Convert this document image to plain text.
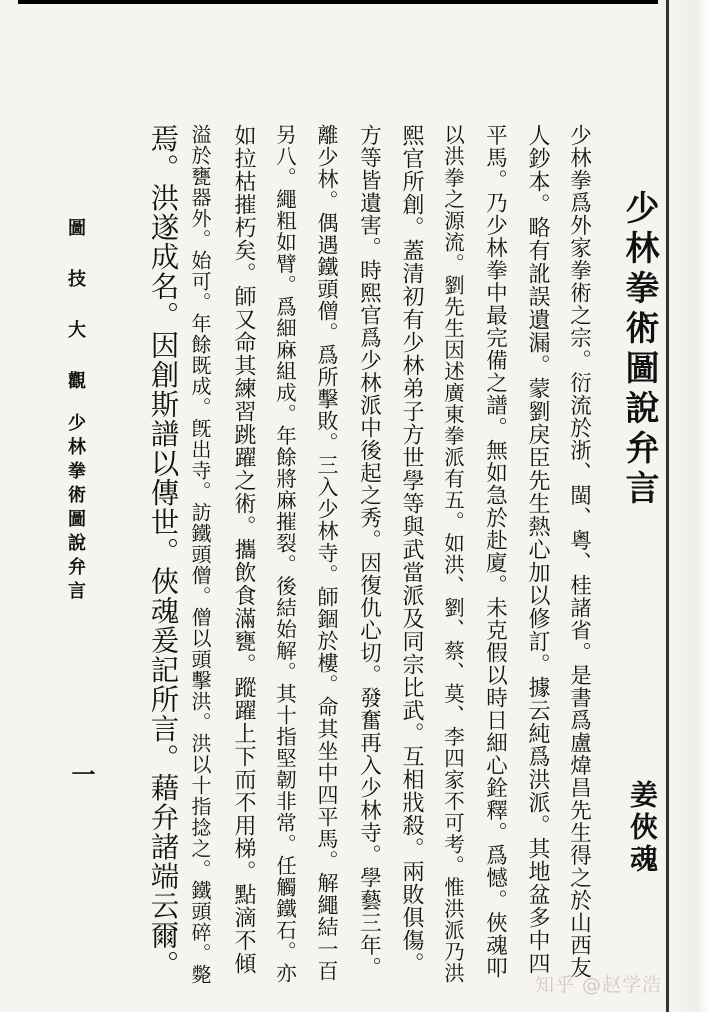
少林拳術圖說弁言
姜俠魂
少林拳爲外家拳術之宗。衍流於浙、閩、粵、桂諸省。是書爲盧煒昌先生得之於山西友
人鈔本。略有訛誤遺漏。蒙劉戾臣先生熱心加以修訂。據云純爲洪派。其地盆多中四
平馬。乃少林拳中最完備之譜。無如急於赴廈。未克假以時日細心銓釋。爲憾。俠魂叩
以洪拳之源流。劉先生因述廣東拳派有五。如洪、劉、蔡、莫、李四家不可考。惟洪派乃洪
熙官所創。蓋清初有少林弟子方世學等與武當派及同宗比武。互相戕殺。兩敗俱傷。
方等皆遺害。時熙官爲少林派中後起之秀。因復仇心切。發奮再入少林寺。學藝三年。
離少林。偶遇鐵頭僧。爲所擊敗。三入少林寺。師錮於樓。命其坐中四平馬。解繩結一百
另八。繩粗如臂。爲細麻組成。年餘將麻摧裂。後結始解。其十指堅韌非常。任觸鐵石。亦
如拉枯摧朽矣。師又命其練習跳躍之術。攜飲食滿甕。蹤躍上下而不用梯。點滴不傾
溢於甕器外。始可。年餘既成。旣出寺。訪鐵頭僧。僧以頭擊洪。洪以十指捻之。鐵頭碎。斃
焉。洪遂成名。因創斯譜以傳世。俠魂爰記所言。藉弁諸端云爾。
圖 技 大 觀少林拳術圖說弁言
一
知乎 @赵学浩
